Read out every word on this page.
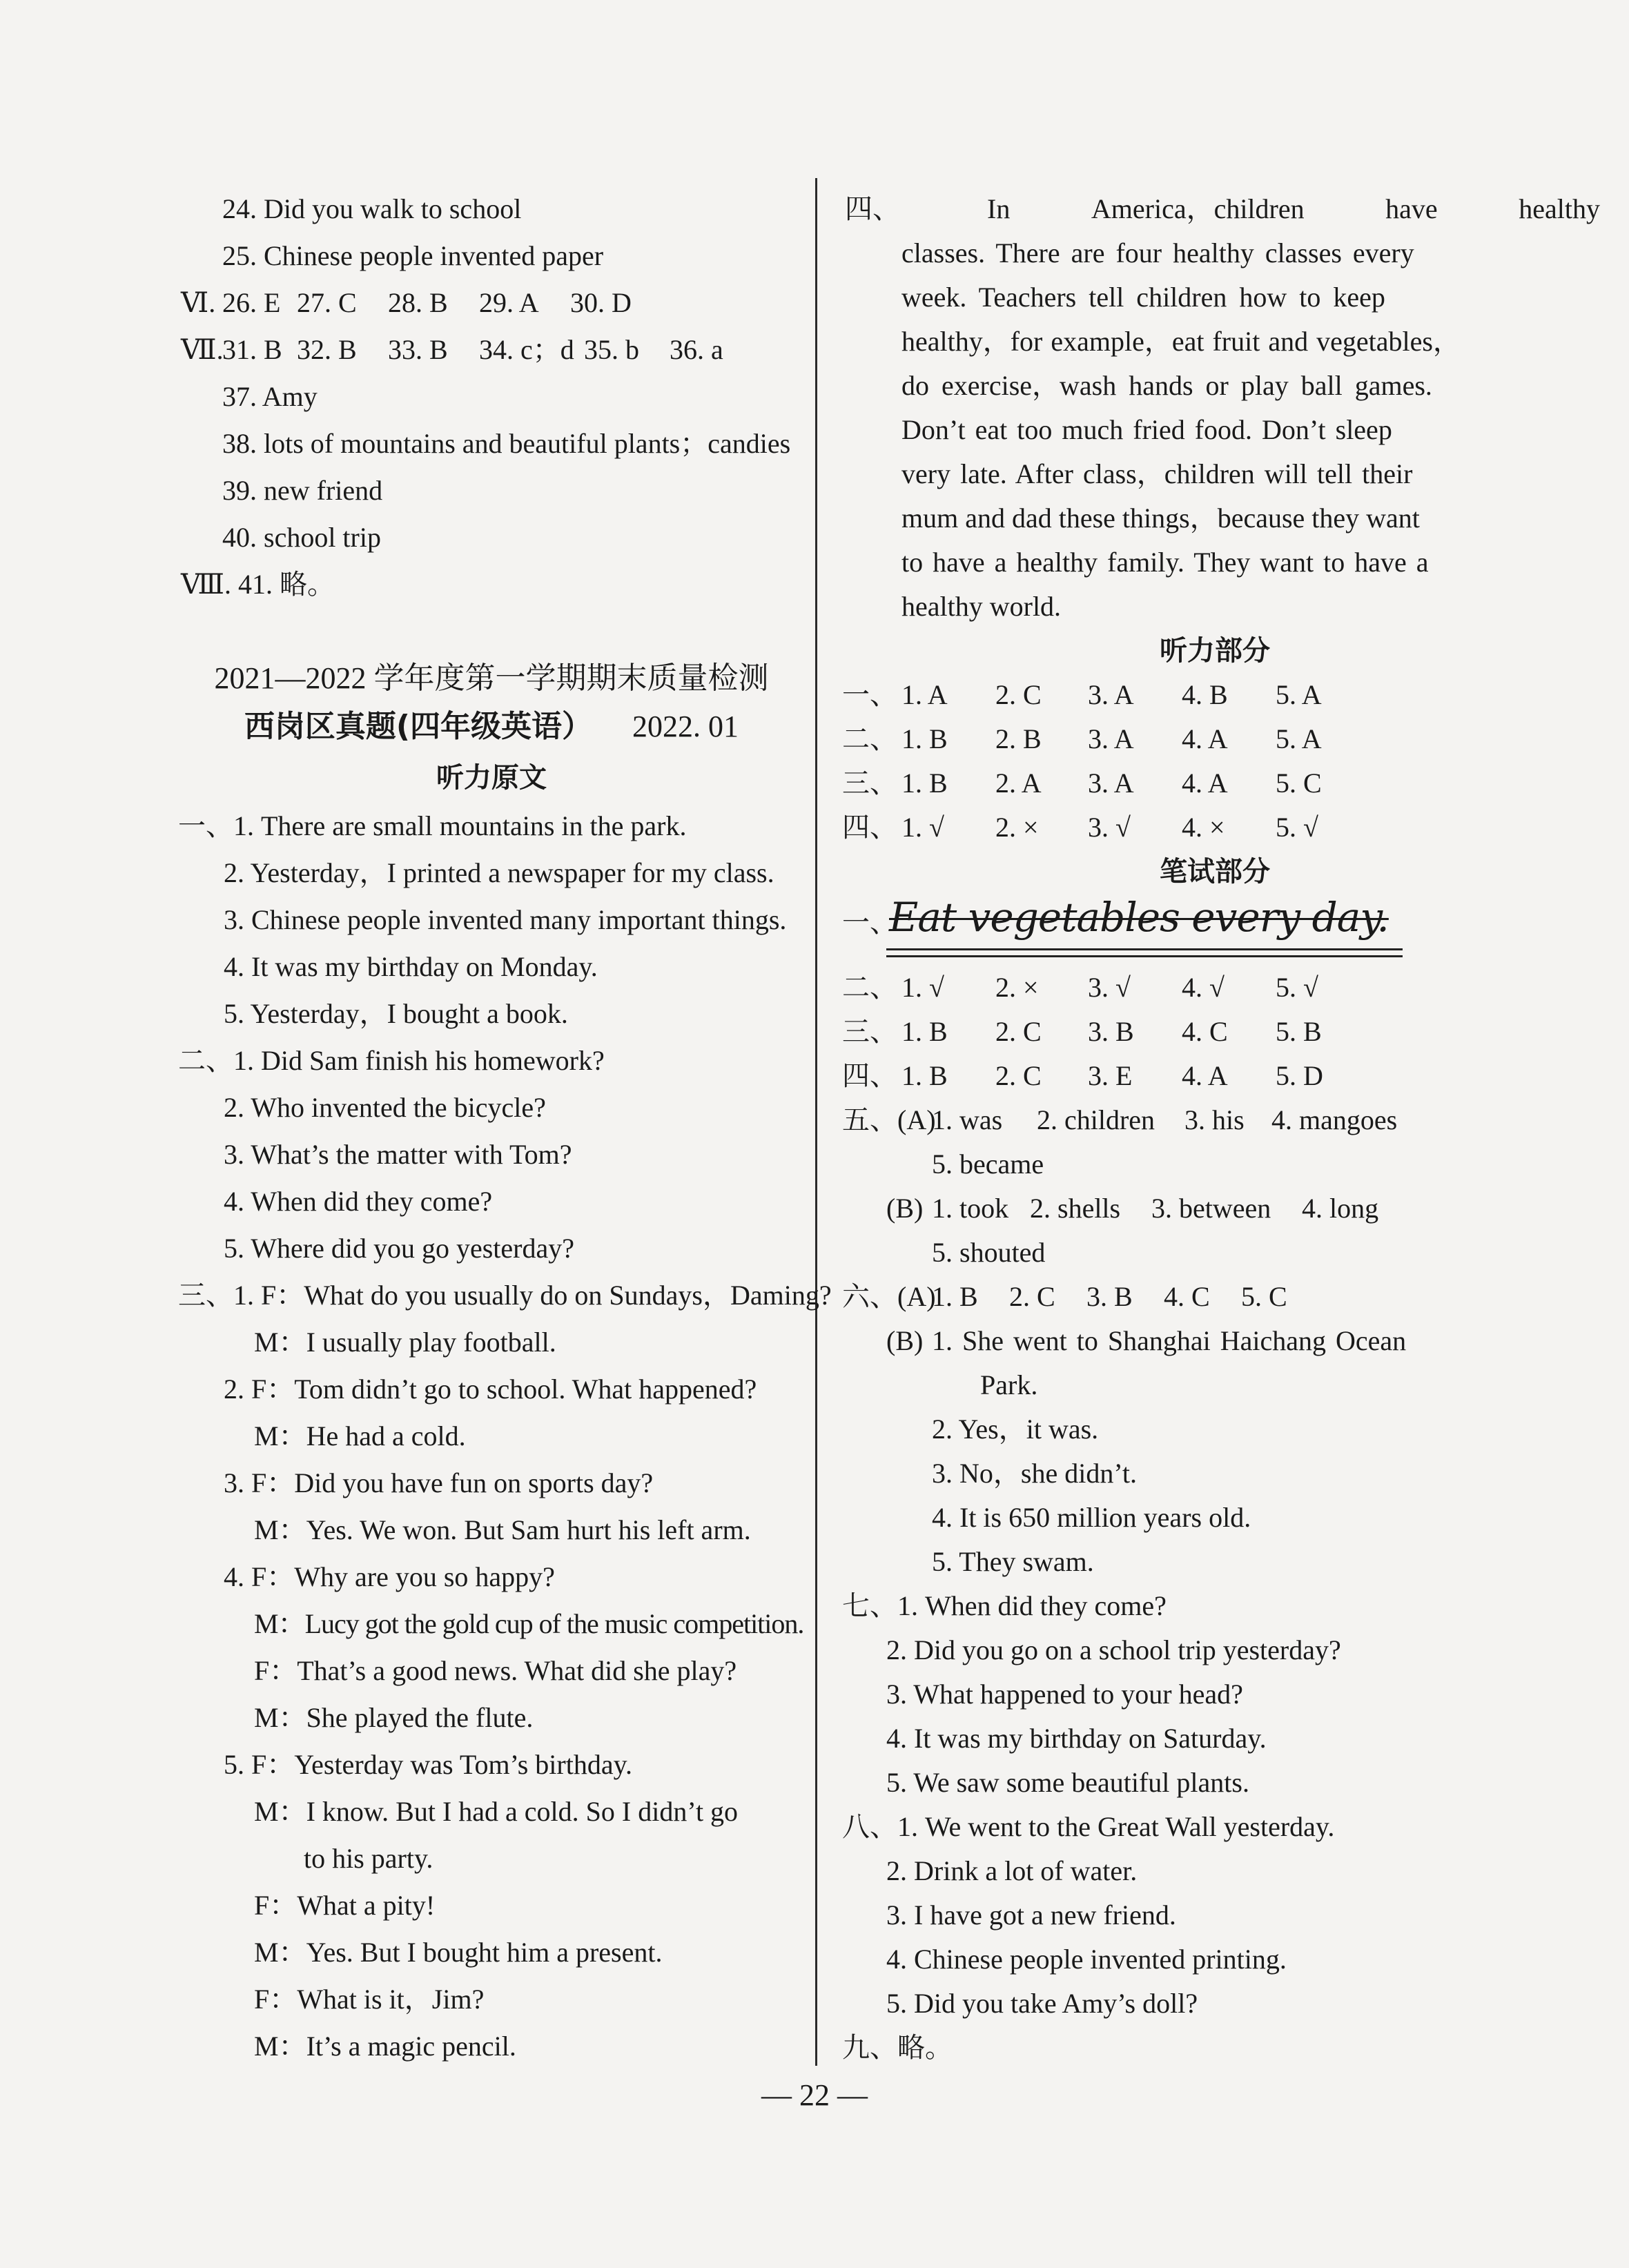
24. Did you walk to school
25. Chinese people invented paper
Ⅵ. 26. E 27. C	28. B	29. A	30. D
Ⅶ.
31. B 32. B	33. B	34. c；d 35. b	36. a
37. Amy
38. lots of mountains and beautiful plants；candies
39. new friend
40. school trip
Ⅷ. 41. 略。
2021—2022 学年度第一学期期末质量检测
西岗区真题(四年级英语） 2022. 01
听力原文
一、1. There are small mountains in the park.
2. Yesterday，I printed a newspaper for my class.
3. Chinese people invented many important things.
4. It was my birthday on Monday.
5. Yesterday，I bought a book.
二、1. Did Sam finish his homework?
2. Who invented the bicycle?
3. What’s the matter with Tom?
4. When did they come?
5. Where did you go yesterday?
三、1. F：What do you usually do on Sundays，Daming?
M：I usually play football.
2. F：Tom didn’t go to school. What happened?
M：He had a cold.
3. F：Did you have fun on sports day?
M：Yes. We won. But Sam hurt his left arm.
4. F：Why are you so happy?
M：Lucy got the gold cup of the music competition.
F：That’s a good news. What did she play?
M：She played the flute.
5. F：Yesterday was Tom’s birthday.
M：I know. But I had a cold. So I didn’t go
to his party.
F：What a pity!
M：Yes. But I bought him a present.
F：What is it，Jim?
M：It’s a magic pencil.
四、	In	America，children	have	healthy
classes. There are four healthy classes every
week. Teachers tell children how to keep
healthy，for example，eat fruit and vegetables，
do exercise，wash hands or play ball games.
Don’t eat too much fried food. Don’t sleep
very late. After class，children will tell their
mum and dad these things，because they want
to have a healthy family. They want to have a
healthy world.
听力部分
一、 1. A	2. C	3. A	4. B	5. A
二、 1. B	2. B	3. A	4. A	5. A
三、 1. B	2. A	3. A	4. A	5. C
四、 1. √	2. ×	3. √	4. ×	5. √
笔试部分
一、
Eat vegetables every day.
二、 1. √	2. ×	3. √	4. √	5. √
三、 1. B	2. C	3. B	4. C	5. B
四、 1. B	2. C	3. E	4. A	5. D
五、(A)
1. was	2. children	3. his 4. mangoes
5. became
(B) 1. took 2. shells	3. between	4. long
5. shouted
六、(A)
1. B	2. C	3. B	4. C	5. C
(B) 1. She went to Shanghai Haichang Ocean
Park.
2. Yes，it was.
3. No，she didn’t.
4. It is 650 million years old.
5. They swam.
七、1. When did they come?
2. Did you go on a school trip yesterday?
3. What happened to your head?
4. It was my birthday on Saturday.
5. We saw some beautiful plants.
八、1. We went to the Great Wall yesterday.
2. Drink a lot of water.
3. I have got a new friend.
4. Chinese people invented printing.
5. Did you take Amy’s doll?
九、略。
— 22 —
